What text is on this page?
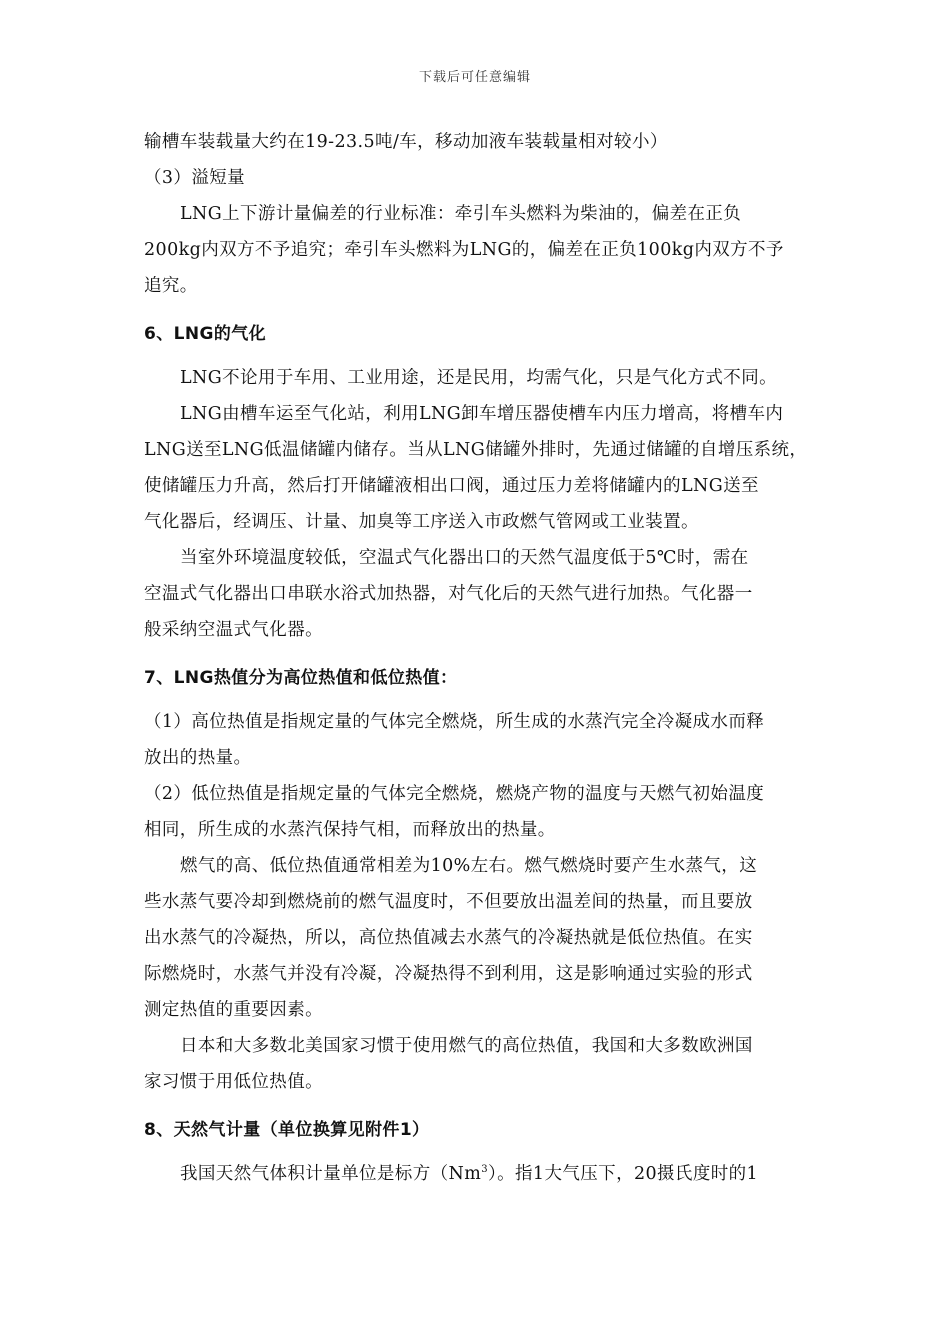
下载后可任意编辑
输槽车装载量大约在19-23.5吨/车，移动加液车装载量相对较小）
（3）溢短量
LNG上下游计量偏差的行业标准：牵引车头燃料为柴油的，偏差在正负
200kg内双方不予追究；牵引车头燃料为LNG的，偏差在正负100kg内双方不予
追究。
6、LNG的气化
LNG不论用于车用、工业用途，还是民用，均需气化，只是气化方式不同。
LNG由槽车运至气化站，利用LNG卸车增压器使槽车内压力增高，将槽车内
LNG送至LNG低温储罐内储存。当从LNG储罐外排时，先通过储罐的自增压系统，
使储罐压力升高，然后打开储罐液相出口阀，通过压力差将储罐内的LNG送至
气化器后，经调压、计量、加臭等工序送入市政燃气管网或工业装置。
当室外环境温度较低，空温式气化器出口的天然气温度低于5℃时，需在
空温式气化器出口串联水浴式加热器，对气化后的天然气进行加热。气化器一
般采纳空温式气化器。
7、LNG热值分为高位热值和低位热值：
（1）高位热值是指规定量的气体完全燃烧，所生成的水蒸汽完全冷凝成水而释
放出的热量。
（2）低位热值是指规定量的气体完全燃烧，燃烧产物的温度与天燃气初始温度
相同，所生成的水蒸汽保持气相，而释放出的热量。
燃气的高、低位热值通常相差为10%左右。燃气燃烧时要产生水蒸气，这
些水蒸气要冷却到燃烧前的燃气温度时，不但要放出温差间的热量，而且要放
出水蒸气的冷凝热，所以，高位热值减去水蒸气的冷凝热就是低位热值。在实
际燃烧时，水蒸气并没有冷凝，冷凝热得不到利用，这是影响通过实验的形式
测定热值的重要因素。
日本和大多数北美国家习惯于使用燃气的高位热值，我国和大多数欧洲国
家习惯于用低位热值。
8、天然气计量（单位换算见附件1）
我国天然气体积计量单位是标方（Nm$^3$）。指1大气压下，20摄氏度时的1
